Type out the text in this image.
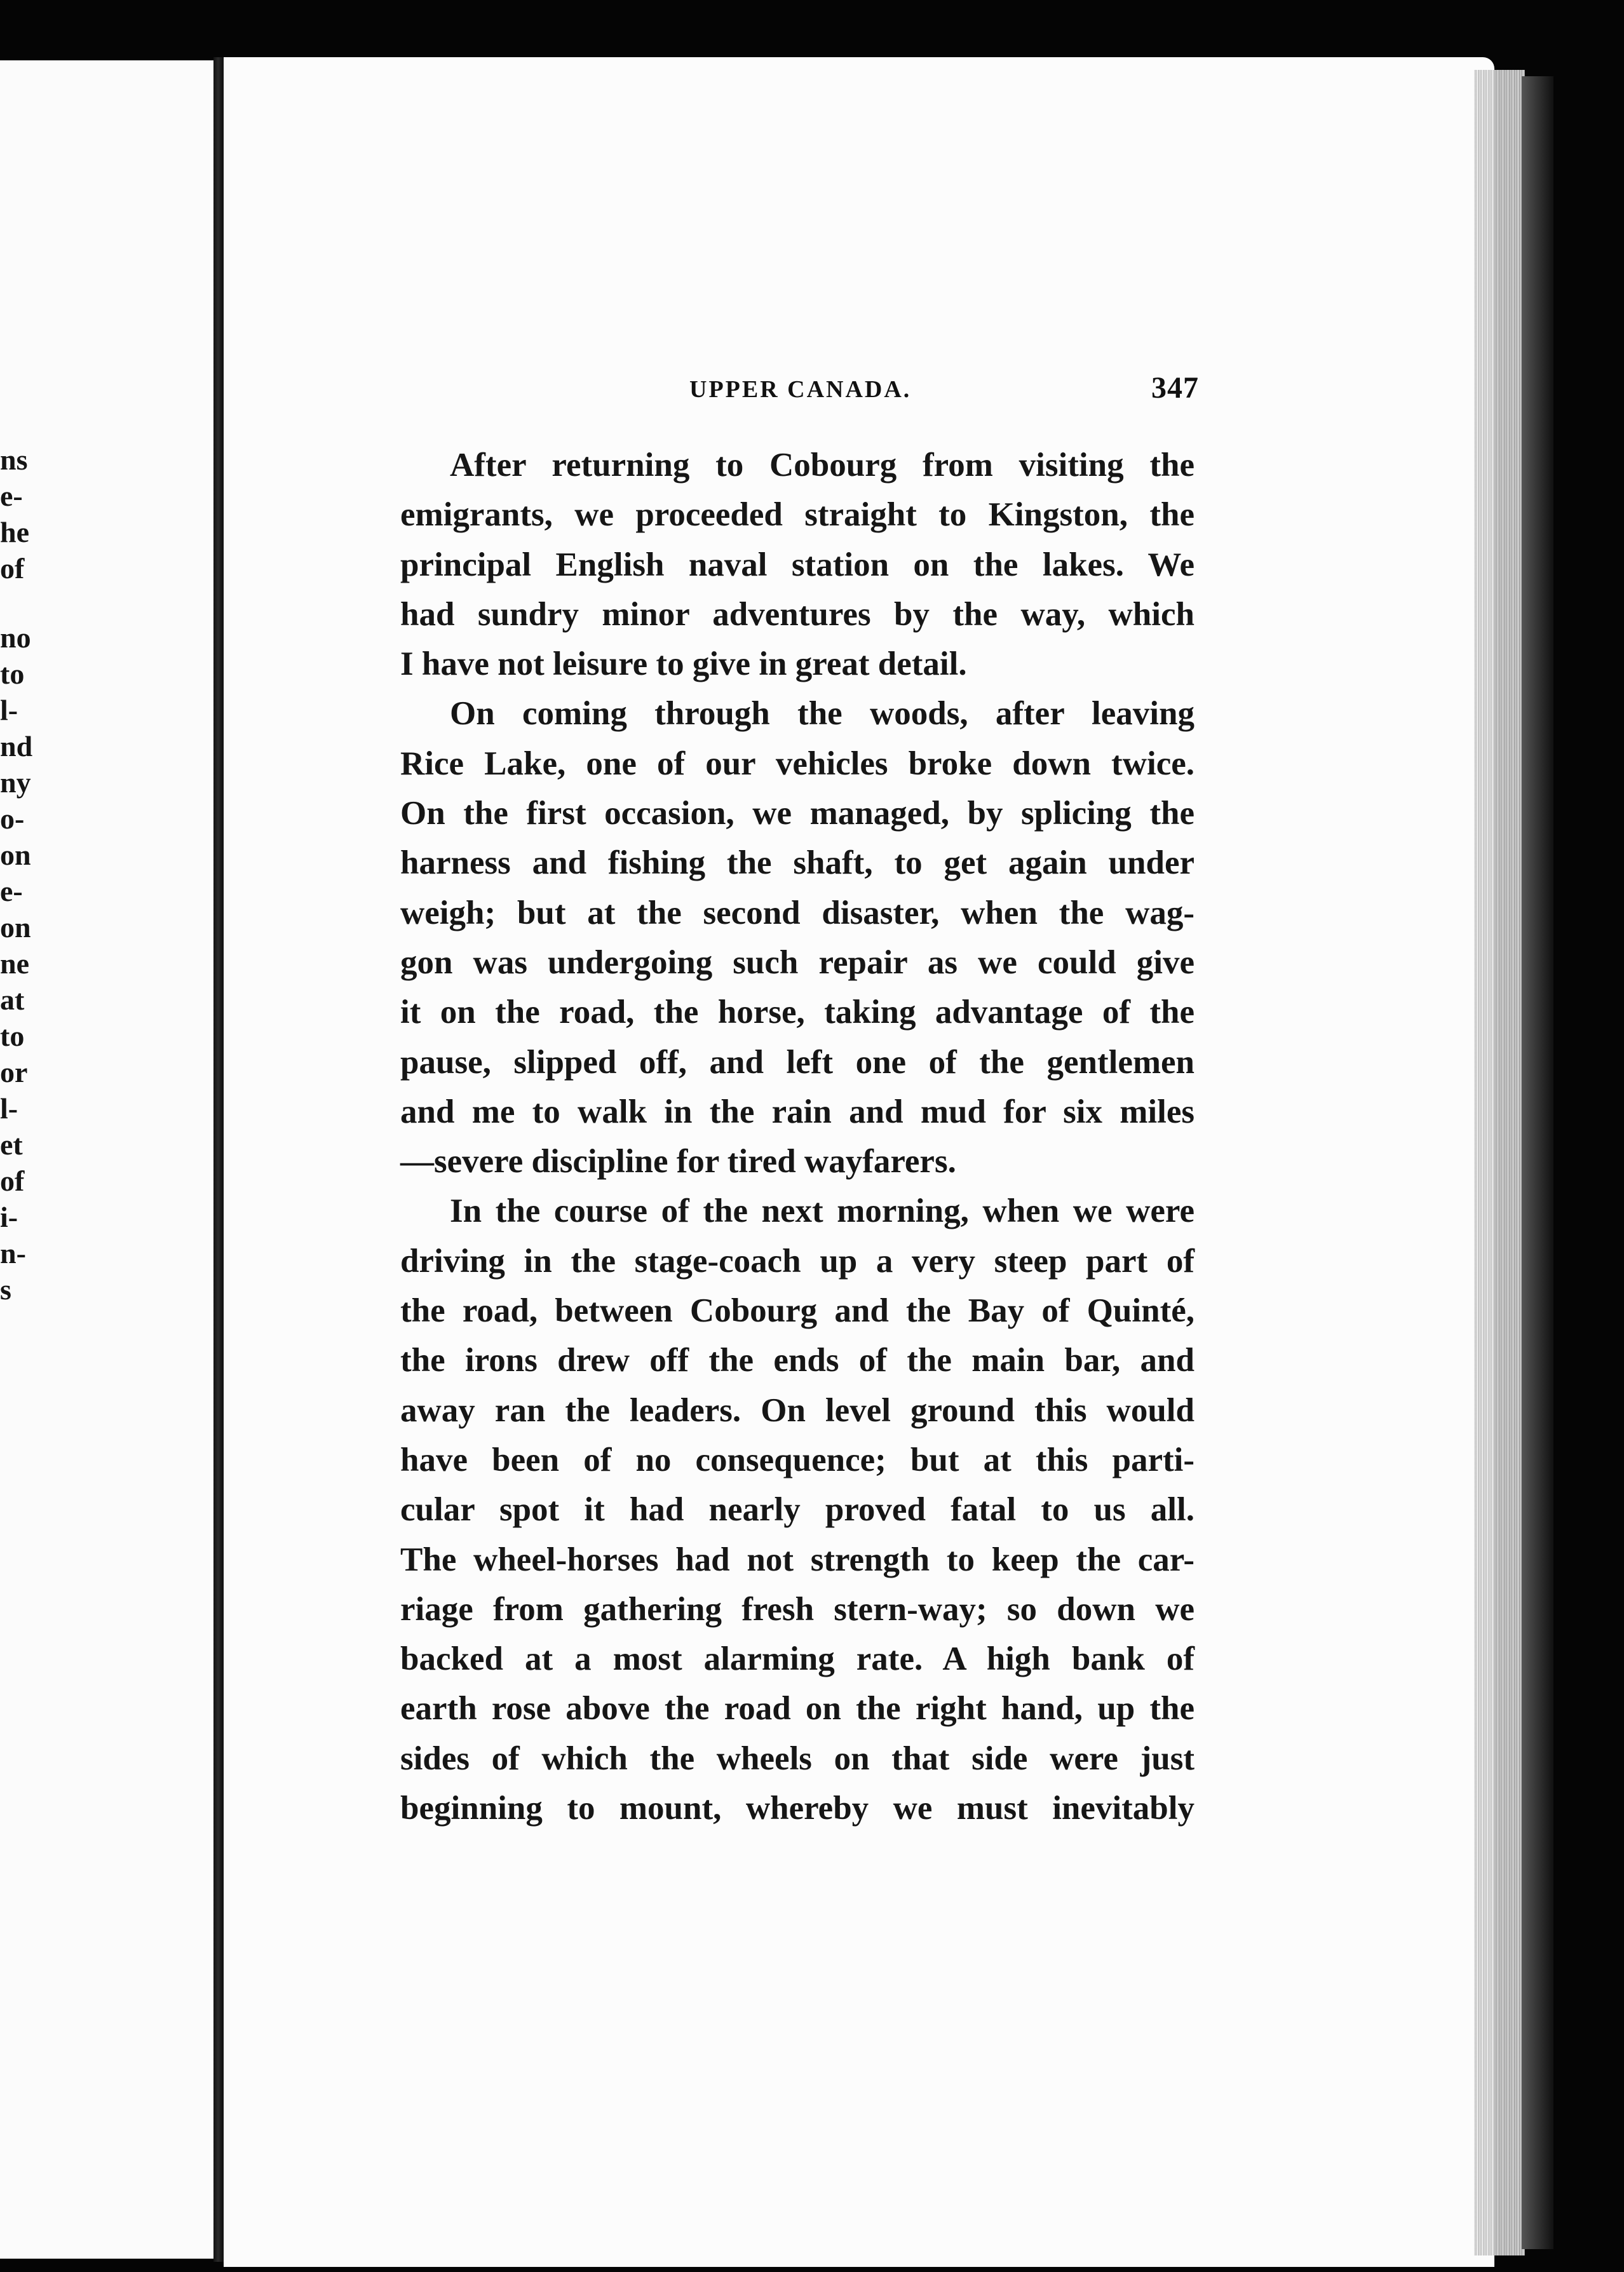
ns
e-
he
of
no
to
l-
nd
ny
o-
on
e-
on
ne
at
to
or
l-
et
of
i-
n-
s
UPPER CANADA.	347
After returning to Cobourg from visiting the
emigrants, we proceeded straight to Kingston, the
principal English naval station on the lakes. We
had sundry minor adventures by the way, which
I have not leisure to give in great detail.
On coming through the woods, after leaving
Rice Lake, one of our vehicles broke down twice.
On the first occasion, we managed, by splicing the
harness and fishing the shaft, to get again under
weigh; but at the second disaster, when the wag-
gon was undergoing such repair as we could give
it on the road, the horse, taking advantage of the
pause, slipped off, and left one of the gentlemen
and me to walk in the rain and mud for six miles
—severe discipline for tired wayfarers.
In the course of the next morning, when we were
driving in the stage-coach up a very steep part of
the road, between Cobourg and the Bay of Quinté,
the irons drew off the ends of the main bar, and
away ran the leaders. On level ground this would
have been of no consequence; but at this parti-
cular spot it had nearly proved fatal to us all.
The wheel-horses had not strength to keep the car-
riage from gathering fresh stern-way; so down we
backed at a most alarming rate. A high bank of
earth rose above the road on the right hand, up the
sides of which the wheels on that side were just
beginning to mount, whereby we must inevitably
